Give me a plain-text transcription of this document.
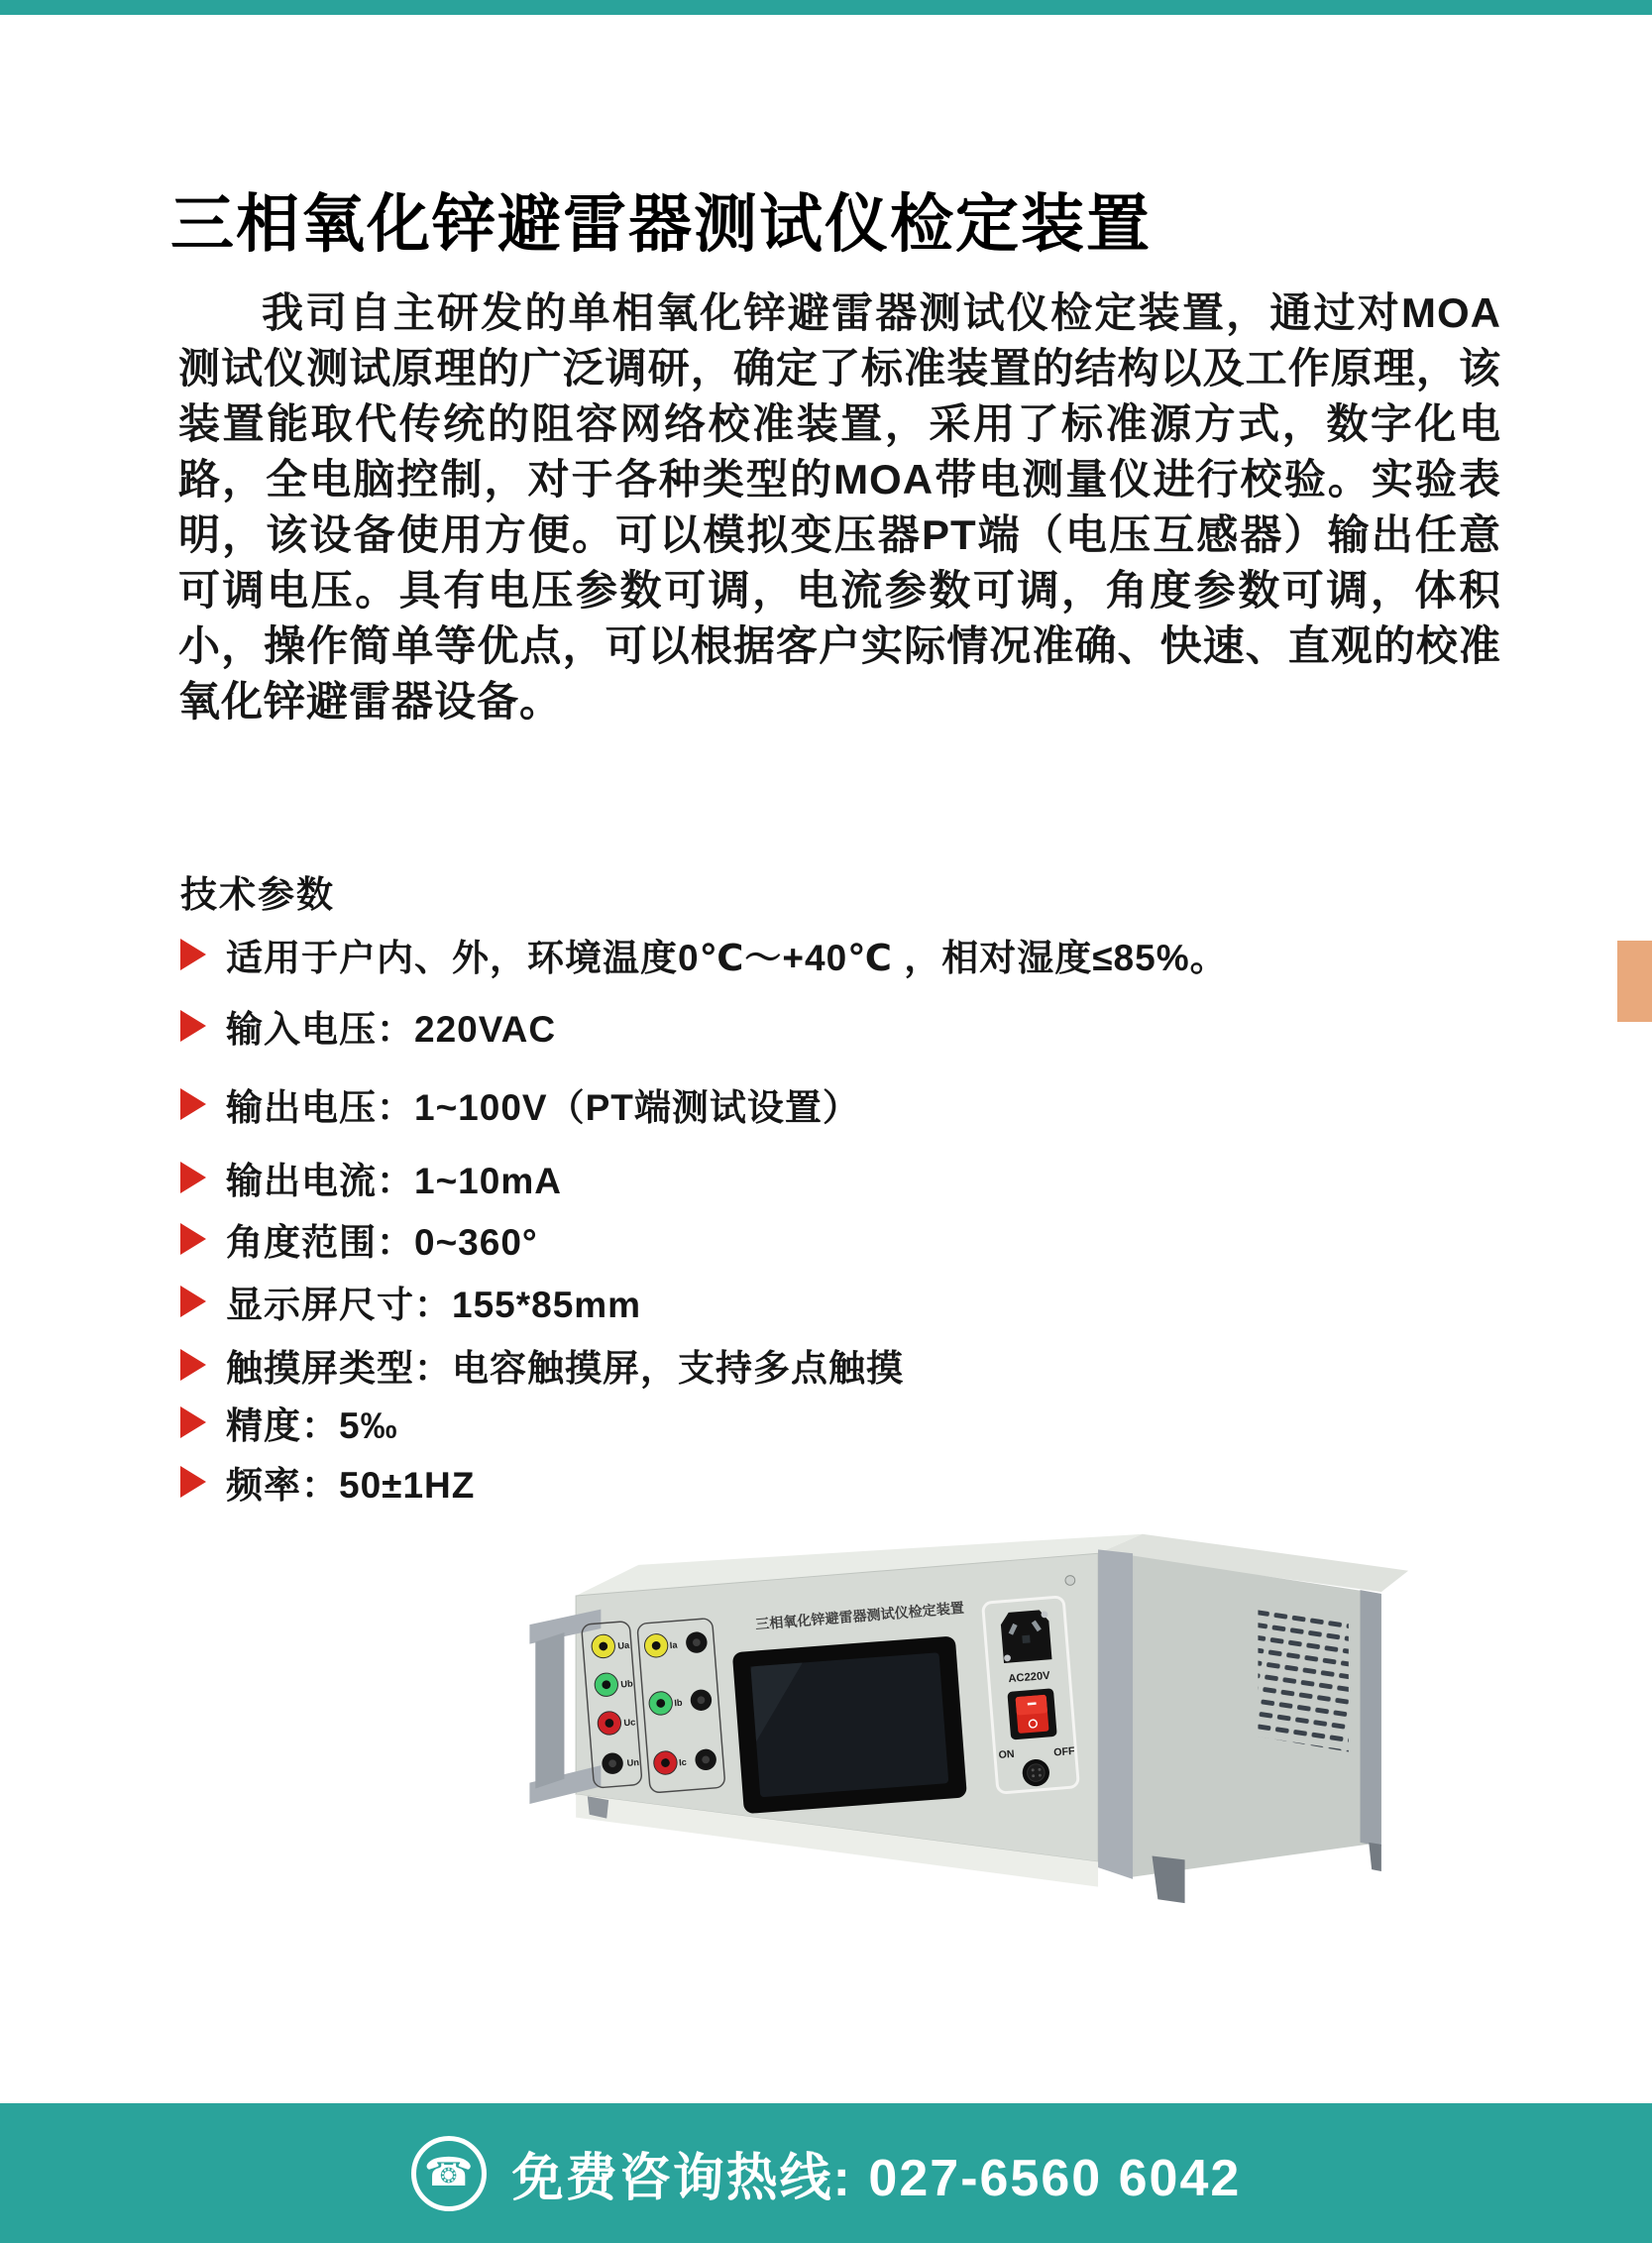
三相氧化锌避雷器测试仪检定装置

我司自主研发的单相氧化锌避雷器测试仪检定装置，通过对MOA测试仪测试原理的广泛调研，确定了标准装置的结构以及工作原理，该装置能取代传统的阻容网络校准装置，采用了标准源方式，数字化电路，全电脑控制，对于各种类型的MOA带电测量仪进行校验。实验表明，该设备使用方便。可以模拟变压器PT端（电压互感器）输出任意可调电压。具有电压参数可调，电流参数可调，角度参数可调，体积小，操作简单等优点，可以根据客户实际情况准确、快速、直观的校准氧化锌避雷器设备。

技术参数
适用于户内、外，环境温度0℃～+40℃ ，相对湿度≤85%。
输入电压：220VAC
输出电压：1~100V（PT端测试设置）
输出电流：1~10mA
角度范围：0~360°
显示屏尺寸：155*85mm
触摸屏类型：电容触摸屏，支持多点触摸
精度：5‰
频率：50±1HZ
三相氧化锌避雷器测试仪检定装置
Ua
Ub
Uc
Un
Ia
Ib
Ic
AC220V
ON	OFF
☎ 免费咨询热线: 027-6560 6042
